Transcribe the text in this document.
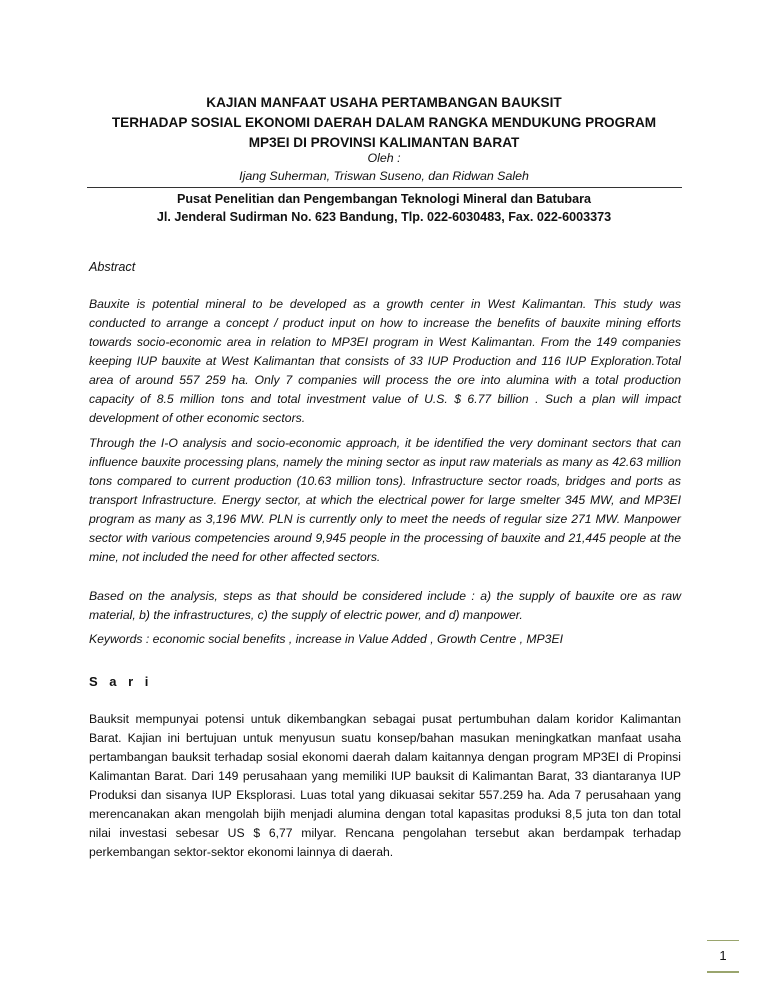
KAJIAN MANFAAT USAHA PERTAMBANGAN BAUKSIT
TERHADAP SOSIAL EKONOMI DAERAH DALAM RANGKA MENDUKUNG PROGRAM
MP3EI DI PROVINSI KALIMANTAN BARAT
Oleh :
Ijang Suherman, Triswan Suseno, dan Ridwan Saleh
Pusat Penelitian dan Pengembangan Teknologi Mineral dan Batubara
Jl. Jenderal Sudirman No. 623 Bandung, Tlp. 022-6030483, Fax. 022-6003373
Abstract
Bauxite is potential mineral to be developed as a growth center in West Kalimantan. This study was conducted to arrange a concept / product input on how to increase the benefits of bauxite mining efforts towards socio-economic area in relation to MP3EI program in West Kalimantan. From the 149 companies keeping IUP bauxite at West Kalimantan that consists of 33 IUP Production and 116 IUP Exploration.Total area of around 557 259 ha. Only 7 companies will process the ore into alumina with a total production capacity of 8.5 million tons and total investment value of U.S. $ 6.77 billion . Such a plan will impact development of other economic sectors.
Through the I-O analysis and socio-economic approach, it be identified the very dominant sectors that can influence bauxite processing plans, namely the mining sector as input raw materials as many as 42.63 million tons compared to current production (10.63 million tons). Infrastructure sector roads, bridges and ports as transport Infrastructure. Energy sector, at which the electrical power for large smelter 345 MW, and MP3EI program as many as 3,196 MW. PLN is currently only to meet the needs of regular size 271 MW. Manpower sector with various competencies around 9,945 people in the processing of bauxite and 21,445 people at the mine, not included the need for other affected sectors.
Based on the analysis, steps as that should be considered include : a) the supply of bauxite ore as raw material, b) the infrastructures, c) the supply of electric power, and d) manpower.
Keywords : economic social benefits , increase in Value Added , Growth Centre , MP3EI
S a r i
Bauksit mempunyai potensi untuk dikembangkan sebagai pusat pertumbuhan dalam koridor Kalimantan Barat. Kajian ini bertujuan untuk menyusun suatu konsep/bahan masukan meningkatkan manfaat usaha pertambangan bauksit terhadap sosial ekonomi daerah dalam kaitannya dengan program MP3EI di Propinsi Kalimantan Barat. Dari 149 perusahaan yang memiliki IUP bauksit di Kalimantan Barat, 33 diantaranya IUP Produksi dan sisanya IUP Eksplorasi. Luas total yang dikuasai sekitar 557.259 ha. Ada 7 perusahaan yang merencanakan akan mengolah bijih menjadi alumina dengan total kapasitas produksi 8,5 juta ton dan total nilai investasi sebesar US $ 6,77 milyar. Rencana pengolahan tersebut akan berdampak terhadap perkembangan sektor-sektor ekonomi lainnya di daerah.
1
